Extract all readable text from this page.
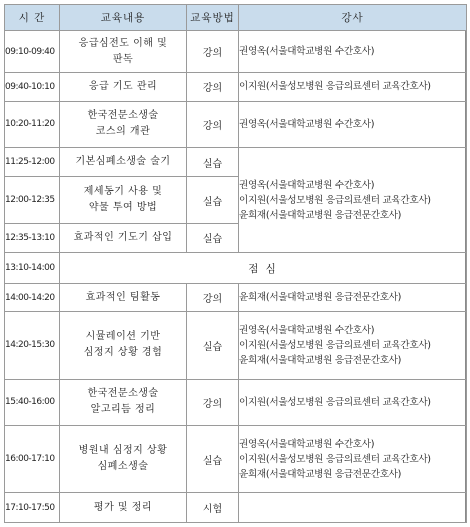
시 간	교육내용	교육방법	강사
09:10-09:40	응급심전도 이해 및
판독	강의	권영옥(서울대학교병원 수간호사)

09:40-10:10	응급 기도 관리	강의	이지원(서울성모병원 응급의료센터 교육간호사)

10:20-11:20	한국전문소생술
코스의 개관	강의	권영옥(서울대학교병원 수간호사)

11:25-12:00	기본심폐소생술 술기	실습	권영옥(서울대학교병원 수간호사)
이지원(서울성모병원 응급의료센터 교육간호사)
윤희재(서울대학교병원 응급전문간호사)

12:00-12:35	제세동기 사용 및
약물 투여 방법	실습	
12:35-13:10	효과적인 기도기 삽입	실습	
13:10-14:00	점 심		
14:00-14:20	효과적인 팀활동	강의	윤희재(서울대학교병원 응급전문간호사)

14:20-15:30	시뮬레이션 기반
심정지 상황 경험	실습	권영옥(서울대학교병원 수간호사)
이지원(서울성모병원 응급의료센터 교육간호사)
윤희재(서울대학교병원 응급전문간호사)

15:40-16:00	한국전문소생술
알고리듬 정리	강의	이지원(서울성모병원 응급의료센터 교육간호사)

16:00-17:10	병원내 심정지 상황
심폐소생술	실습	권영옥(서울대학교병원 수간호사)
이지원(서울성모병원 응급의료센터 교육간호사)
윤희재(서울대학교병원 응급전문간호사)

17:10-17:50	평가 및 정리	시험	
